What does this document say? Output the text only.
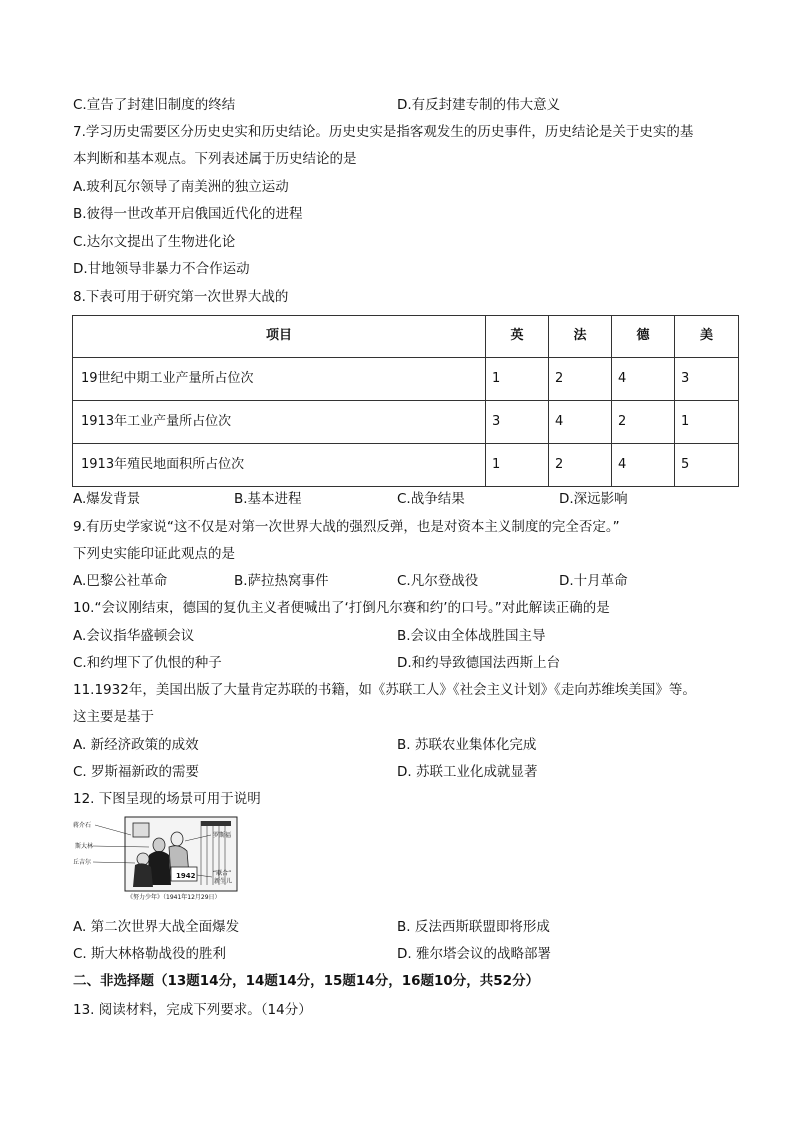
C.宣告了封建旧制度的终结	D.有反封建专制的伟大意义
7.学习历史需要区分历史史实和历史结论。历史史实是指客观发生的历史事件，历史结论是关于史实的基
本判断和基本观点。下列表述属于历史结论的是
A.玻利瓦尔领导了南美洲的独立运动
B.彼得一世改革开启俄国近代化的进程
C.达尔文提出了生物进化论
D.甘地领导非暴力不合作运动
8.下表可用于研究第一次世界大战的
项目	英	法	德	美
19世纪中期工业产量所占位次	1	2	4	3
1913年工业产量所占位次	3	4	2	1
1913年殖民地面积所占位次	1	2	4	5
A.爆发背景	B.基本进程	C.战争结果	D.深远影响
9.有历史学家说“这不仅是对第一次世界大战的强烈反弹，也是对资本主义制度的完全否定。”
下列史实能印证此观点的是
A.巴黎公社革命	B.萨拉热窝事件	C.凡尔登战役	D.十月革命
10.“会议刚结束，德国的复仇主义者便喊出了‘打倒凡尔赛和约’的口号。”对此解读正确的是
A.会议指华盛顿会议	B.会议由全体战胜国主导
C.和约埋下了仇恨的种子	D.和约导致德国法西斯上台
11.1932年，美国出版了大量肯定苏联的书籍，如《苏联工人》《社会主义计划》《走向苏维埃美国》等。
这主要是基于
A. 新经济政策的成效	B. 苏联农业集体化完成
C. 罗斯福新政的需要	D. 苏联工业化成就显著
12. 下图呈现的场景可用于说明
1942
蒋介石
斯大林
丘吉尔
罗斯福
“联合”
新生儿
《努力少年》（1941年12月29日）
A. 第二次世界大战全面爆发	B. 反法西斯联盟即将形成
C. 斯大林格勒战役的胜利	D. 雅尔塔会议的战略部署
二、非选择题（13题14分，14题14分，15题14分，16题10分，共52分）
13. 阅读材料，完成下列要求。（14分）
